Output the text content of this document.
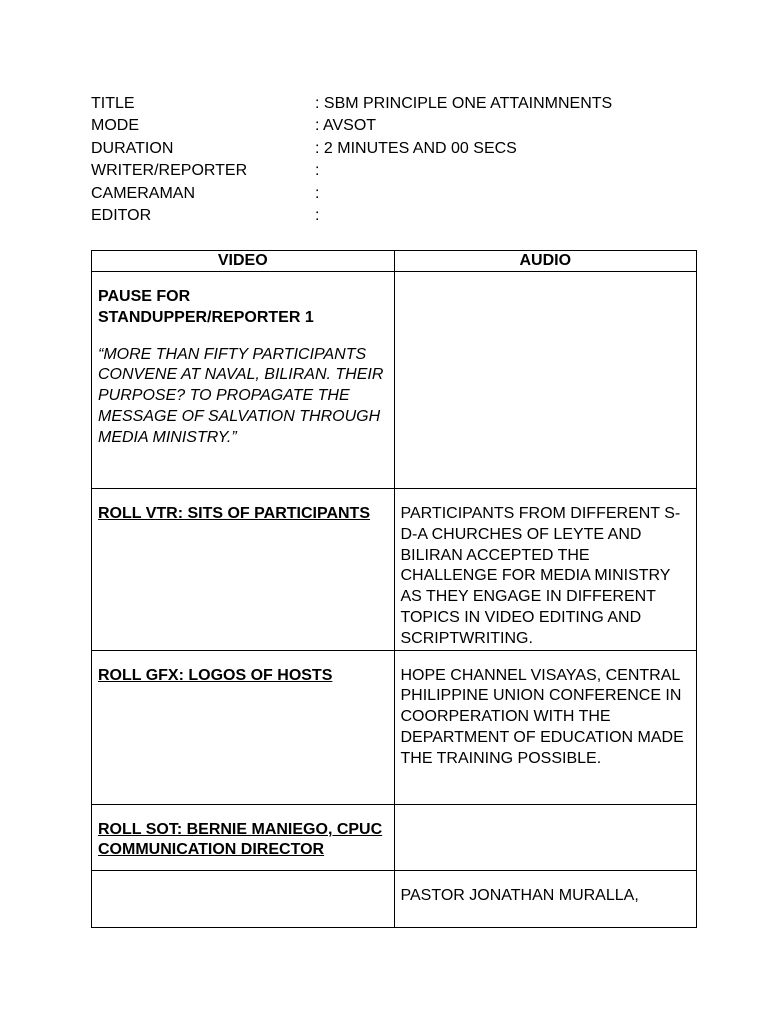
TITLE	: SBM PRINCIPLE ONE ATTAINMNENTS
MODE	: AVSOT
DURATION	: 2 MINUTES AND 00 SECS
WRITER/REPORTER	:
CAMERAMAN	:
EDITOR	:
VIDEO	AUDIO

PAUSE FOR STANDUPPER/REPORTER 1
“MORE THAN FIFTY PARTICIPANTS CONVENE AT NAVAL, BILIRAN. THEIR PURPOSE? TO PROPAGATE THE MESSAGE OF SALVATION THROUGH MEDIA MINISTRY.”	

ROLL VTR: SITS OF PARTICIPANTS	PARTICIPANTS FROM DIFFERENT S-D-A CHURCHES OF LEYTE AND BILIRAN ACCEPTED THE CHALLENGE FOR MEDIA MINISTRY AS THEY ENGAGE IN DIFFERENT TOPICS IN VIDEO EDITING AND SCRIPTWRITING.

ROLL GFX: LOGOS OF HOSTS	HOPE CHANNEL VISAYAS, CENTRAL PHILIPPINE UNION CONFERENCE IN COORPERATION WITH THE DEPARTMENT OF EDUCATION MADE THE TRAINING POSSIBLE.

ROLL SOT: BERNIE MANIEGO, CPUC COMMUNICATION DIRECTOR	

	PASTOR JONATHAN MURALLA,
